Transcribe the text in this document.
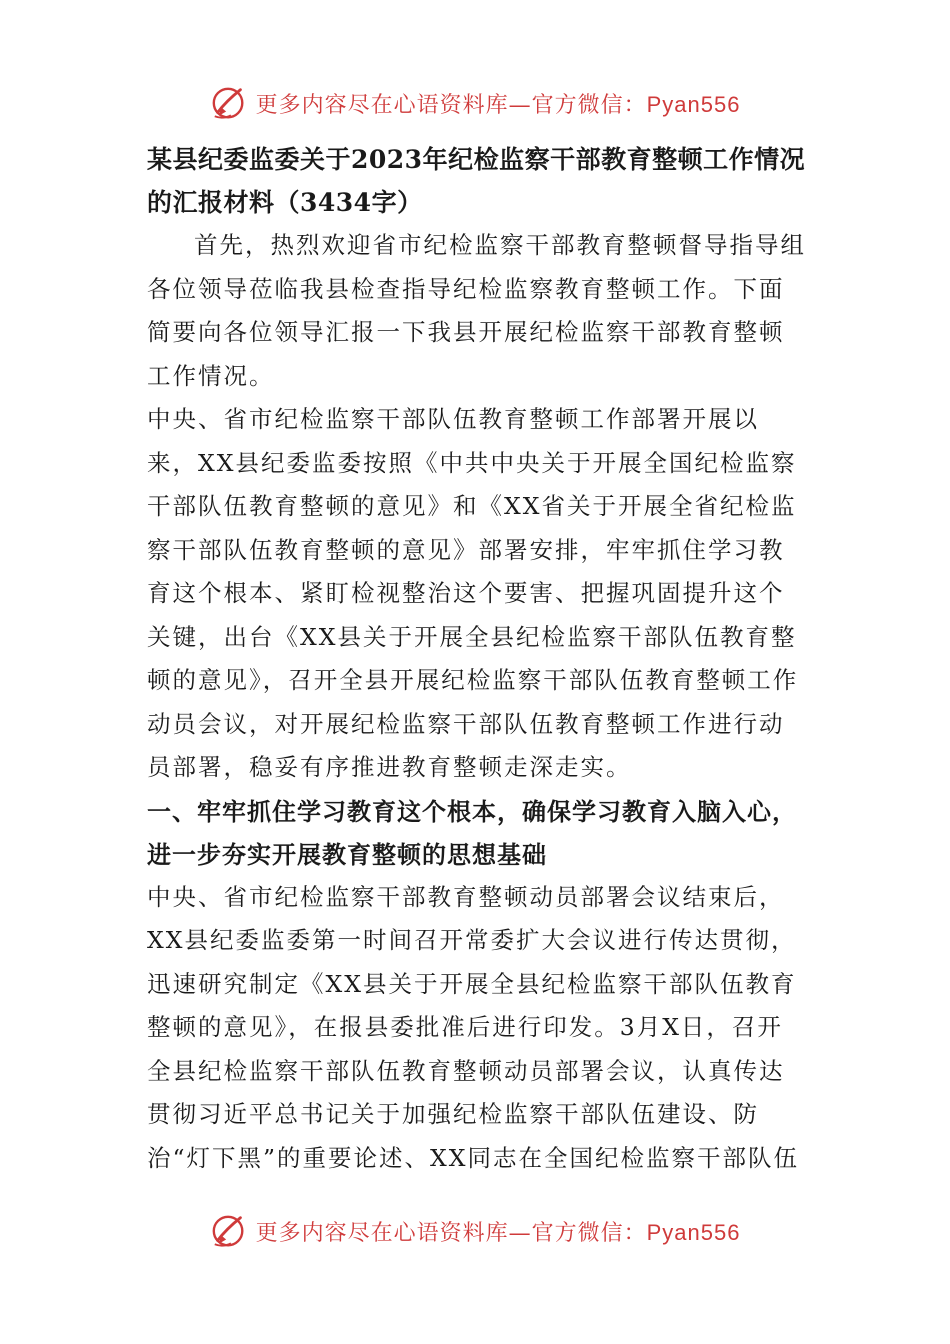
更多内容尽在心语资料库—官方微信：Pyan556

某县纪委监委关于2023年纪检监察干部教育整顿工作情况的汇报材料（3434字）

首先，热烈欢迎省市纪检监察干部教育整顿督导指导组各位领导莅临我县检查指导纪检监察教育整顿工作。下面简要向各位领导汇报一下我县开展纪检监察干部教育整顿工作情况。

中央、省市纪检监察干部队伍教育整顿工作部署开展以来，XX县纪委监委按照《中共中央关于开展全国纪检监察干部队伍教育整顿的意见》和《XX省关于开展全省纪检监察干部队伍教育整顿的意见》部署安排，牢牢抓住学习教育这个根本、紧盯检视整治这个要害、把握巩固提升这个关键，出台《XX县关于开展全县纪检监察干部队伍教育整顿的意见》，召开全县开展纪检监察干部队伍教育整顿工作动员会议，对开展纪检监察干部队伍教育整顿工作进行动员部署，稳妥有序推进教育整顿走深走实。

一、牢牢抓住学习教育这个根本，确保学习教育入脑入心，进一步夯实开展教育整顿的思想基础

中央、省市纪检监察干部教育整顿动员部署会议结束后，XX县纪委监委第一时间召开常委扩大会议进行传达贯彻，迅速研究制定《XX县关于开展全县纪检监察干部队伍教育整顿的意见》，在报县委批准后进行印发。3月X日，召开全县纪检监察干部队伍教育整顿动员部署会议，认真传达贯彻习近平总书记关于加强纪检监察干部队伍建设、防治“灯下黑”的重要论述、XX同志在全国纪检监察干部队伍

更多内容尽在心语资料库—官方微信：Pyan556
